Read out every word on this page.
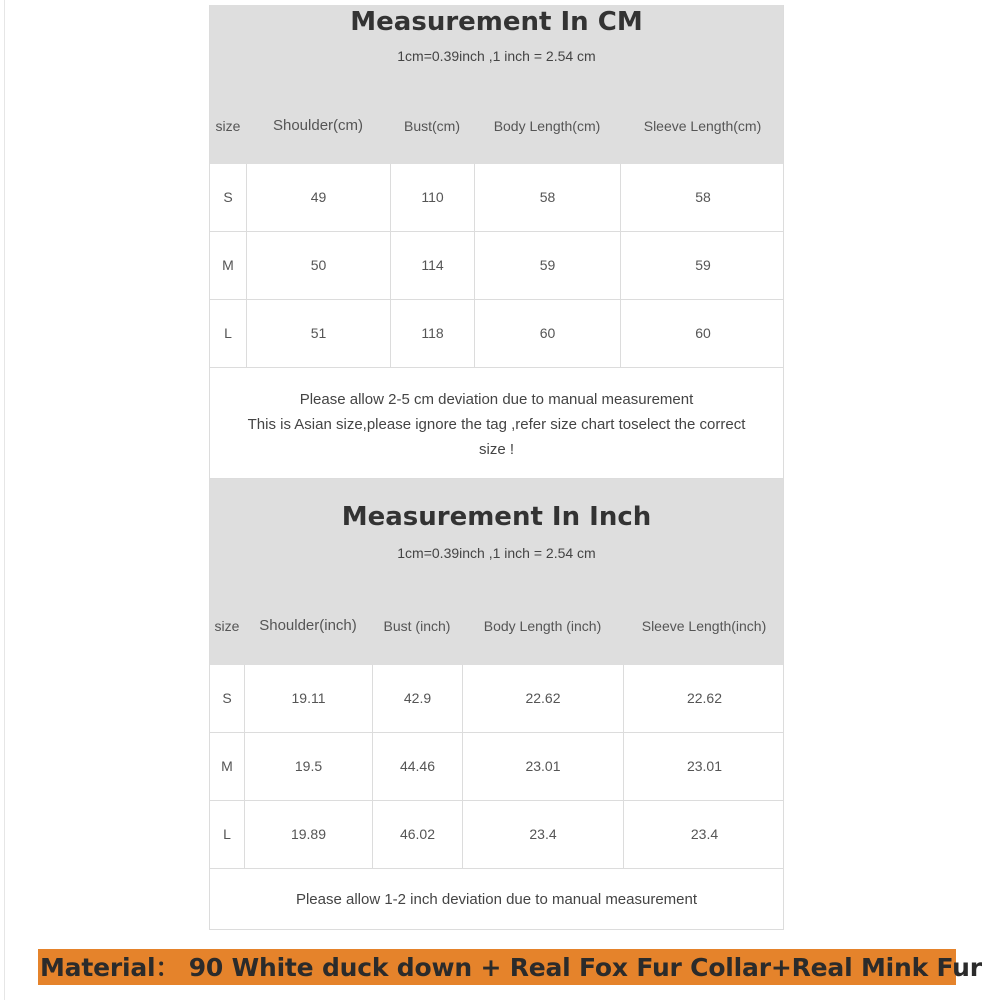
Measurement In CM
1cm=0.39inch ,1 inch = 2.54 cm
size	Shoulder(cm)	Bust(cm)	Body Length(cm)	Sleeve Length(cm)
S	49	110	58	58
M	50	114	59	59
L	51	118	60	60
Please allow 2-5 cm deviation due to manual measurement
This is Asian size,please ignore the tag ,refer size chart toselect the correct
size !
Measurement In Inch
1cm=0.39inch ,1 inch = 2.54 cm
size	Shoulder(inch)	Bust (inch)	Body Length (inch)	Sleeve Length(inch)
S	19.11	42.9	22.62	22.62
M	19.5	44.46	23.01	23.01
L	19.89	46.02	23.4	23.4
Please allow 1-2 inch deviation due to manual measurement
Material： 90 White duck down + Real Fox Fur Collar+Real Mink Fur
